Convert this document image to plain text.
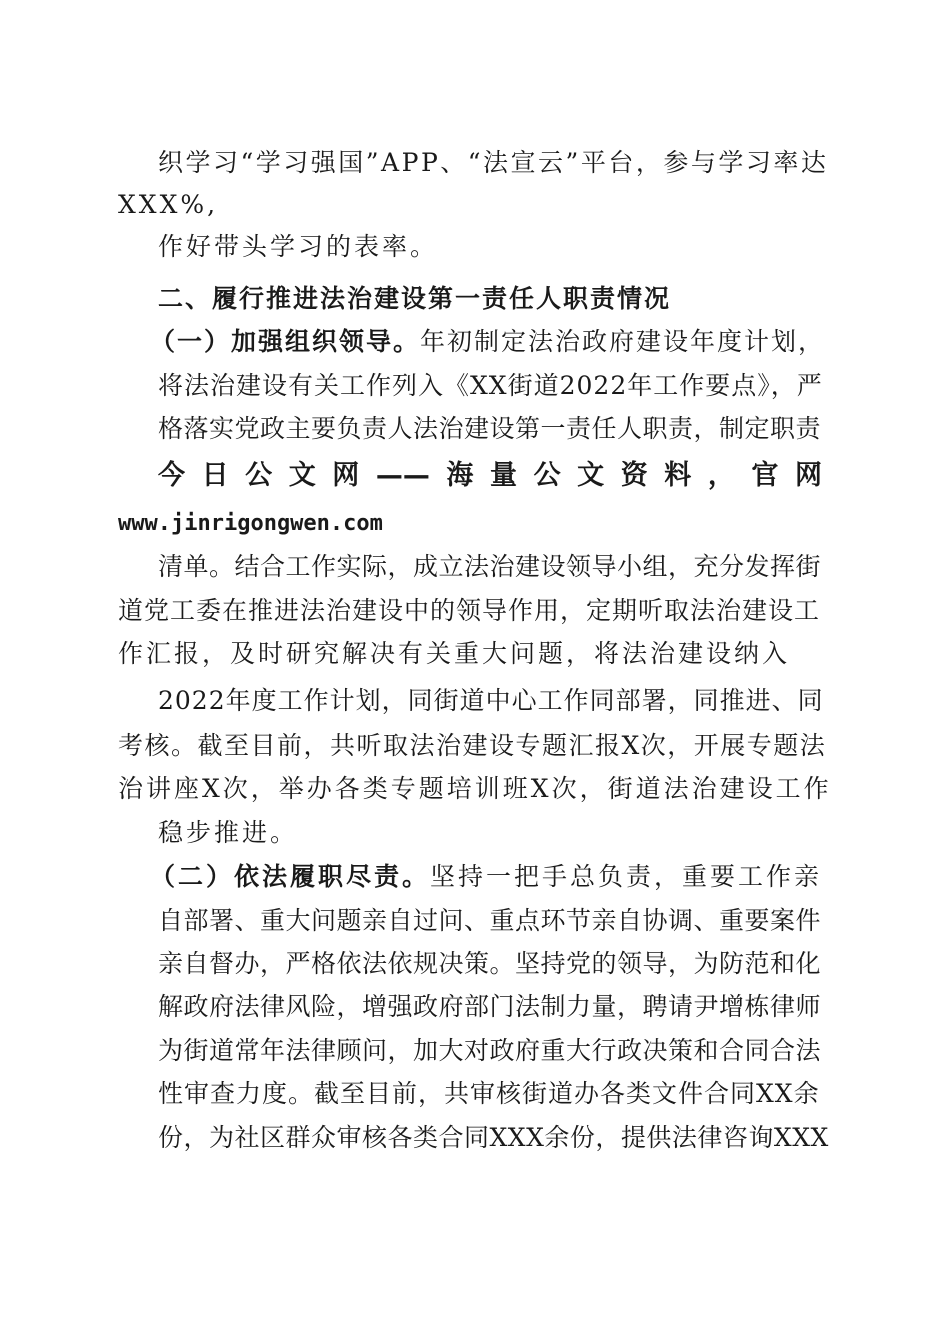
织学习“学习强国”APP、“法宣云”平台，参与学习率达
XXX%,
作好带头学习的表率。
二、履行推进法治建设第一责任人职责情况
（一）加强组织领导。年初制定法治政府建设年度计划，
将法治建设有关工作列入《XX街道2022年工作要点》，严
格落实党政主要负责人法治建设第一责任人职责，制定职责
今日公文网——海量公文资料，官网
www.jinrigongwen.com
清单。结合工作实际，成立法治建设领导小组，充分发挥街
道党工委在推进法治建设中的领导作用，定期听取法治建设工
作汇报，及时研究解决有关重大问题，将法治建设纳入
2022年度工作计划，同街道中心工作同部署，同推进、同
考核。截至目前，共听取法治建设专题汇报X次，开展专题法
治讲座X次，举办各类专题培训班X次，街道法治建设工作
稳步推进。
（二）依法履职尽责。坚持一把手总负责，重要工作亲
自部署、重大问题亲自过问、重点环节亲自协调、重要案件
亲自督办，严格依法依规决策。坚持党的领导，为防范和化
解政府法律风险，增强政府部门法制力量，聘请尹增栋律师
为街道常年法律顾问，加大对政府重大行政决策和合同合法
性审查力度。截至目前，共审核街道办各类文件合同XX余
份，为社区群众审核各类合同XXX余份，提供法律咨询XXX
